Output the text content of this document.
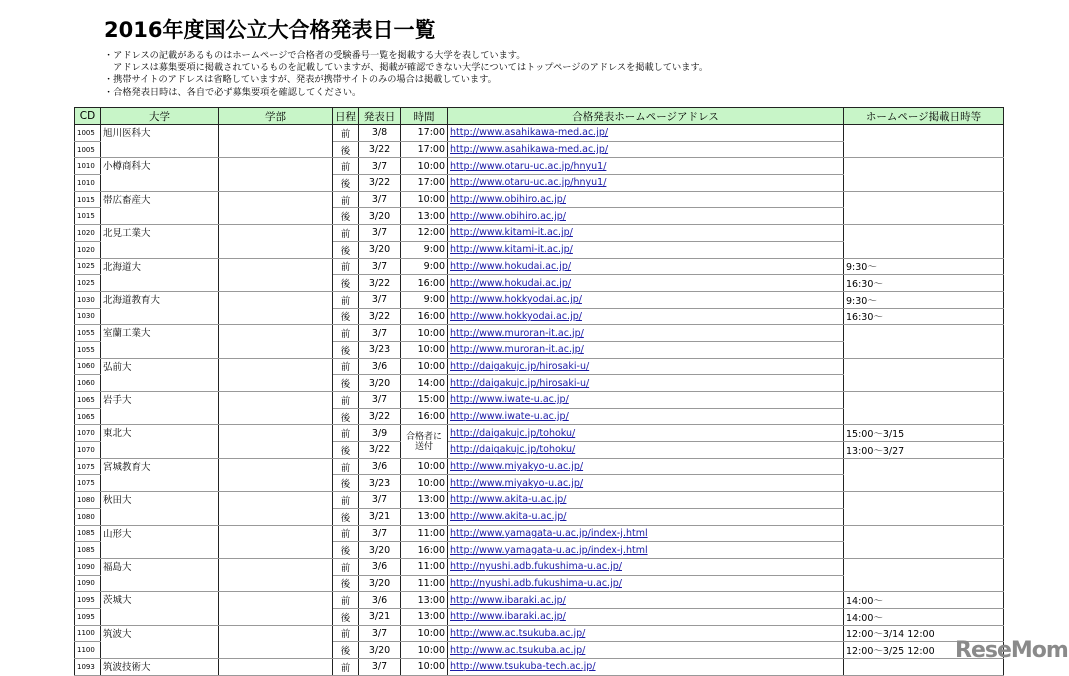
2016年度国公立大合格発表日一覧
・アドレスの記載があるものはホームページで合格者の受験番号一覧を掲載する大学を表しています。
　アドレスは募集要項に掲載されているものを記載していますが、掲載が確認できない大学についてはトップページのアドレスを掲載しています。
・携帯サイトのアドレスは省略していますが、発表が携帯サイトのみの場合は掲載しています。
・合格発表日時は、各自で必ず募集要項を確認してください。
CD	大学	学部	日程	発表日	時間	合格発表ホームページアドレス	ホームページ掲載日時等
1005	旭川医科大		前	3/8	17:00	http://www.asahikawa-med.ac.jp/	
1005			後	3/22	17:00	http://www.asahikawa-med.ac.jp/	
1010	小樽商科大		前	3/7	10:00	http://www.otaru-uc.ac.jp/hnyu1/	
1010			後	3/22	17:00	http://www.otaru-uc.ac.jp/hnyu1/	
1015	帯広畜産大		前	3/7	10:00	http://www.obihiro.ac.jp/	
1015			後	3/20	13:00	http://www.obihiro.ac.jp/	
1020	北見工業大		前	3/7	12:00	http://www.kitami-it.ac.jp/	
1020			後	3/20	9:00	http://www.kitami-it.ac.jp/	
1025	北海道大		前	3/7	9:00	http://www.hokudai.ac.jp/	9:30～
1025			後	3/22	16:00	http://www.hokudai.ac.jp/	16:30～
1030	北海道教育大		前	3/7	9:00	http://www.hokkyodai.ac.jp/	9:30～
1030			後	3/22	16:00	http://www.hokkyodai.ac.jp/	16:30～
1055	室蘭工業大		前	3/7	10:00	http://www.muroran-it.ac.jp/	
1055			後	3/23	10:00	http://www.muroran-it.ac.jp/	
1060	弘前大		前	3/6	10:00	http://daigakujc.jp/hirosaki-u/	
1060			後	3/20	14:00	http://daigakujc.jp/hirosaki-u/	
1065	岩手大		前	3/7	15:00	http://www.iwate-u.ac.jp/	
1065			後	3/22	16:00	http://www.iwate-u.ac.jp/	
1070	東北大		前	3/9	合格者に送付	http://daigakujc.jp/tohoku/	15:00～3/15
1070			後	3/22		http://daigakujc.jp/tohoku/	13:00～3/27
1075	宮城教育大		前	3/6	10:00	http://www.miyakyo-u.ac.jp/	
1075			後	3/23	10:00	http://www.miyakyo-u.ac.jp/	
1080	秋田大		前	3/7	13:00	http://www.akita-u.ac.jp/	
1080			後	3/21	13:00	http://www.akita-u.ac.jp/	
1085	山形大		前	3/7	11:00	http://www.yamagata-u.ac.jp/index-j.html	
1085			後	3/20	16:00	http://www.yamagata-u.ac.jp/index-j.html	
1090	福島大		前	3/6	11:00	http://nyushi.adb.fukushima-u.ac.jp/	
1090			後	3/20	11:00	http://nyushi.adb.fukushima-u.ac.jp/	
1095	茨城大		前	3/6	13:00	http://www.ibaraki.ac.jp/	14:00～
1095			後	3/21	13:00	http://www.ibaraki.ac.jp/	14:00～
1100	筑波大		前	3/7	10:00	http://www.ac.tsukuba.ac.jp/	12:00～3/14 12:00
1100			後	3/20	10:00	http://www.ac.tsukuba.ac.jp/	12:00～3/25 12:00
1093	筑波技術大		前	3/7	10:00	http://www.tsukuba-tech.ac.jp/	
ReseMom
